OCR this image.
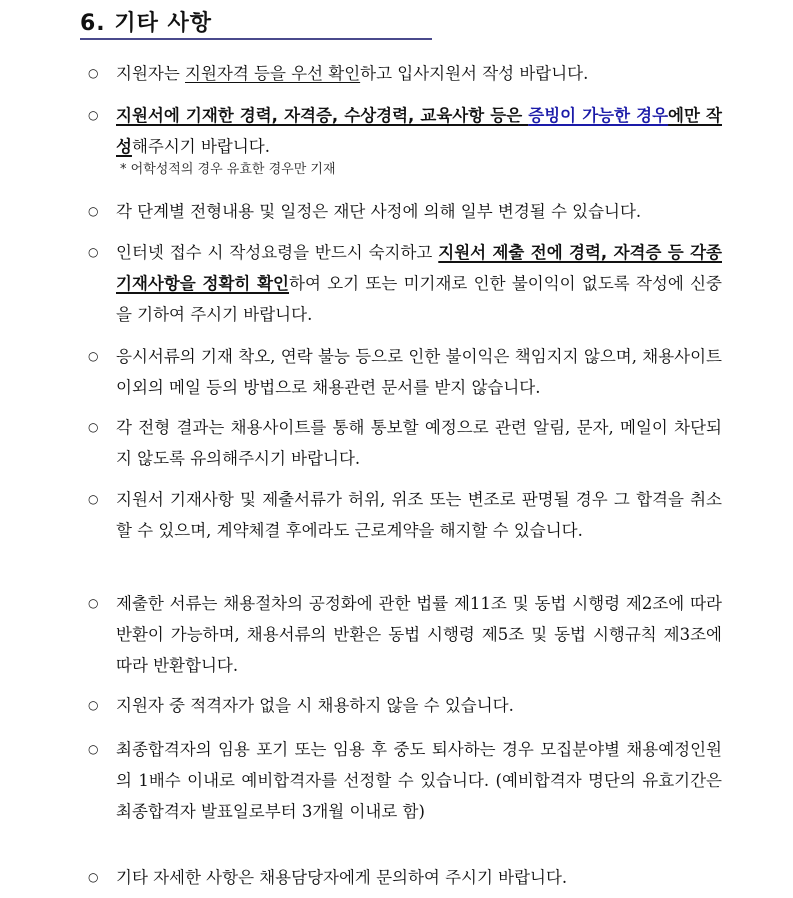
6. 기타 사항
○ 지원자는 지원자격 등을 우선 확인하고 입사지원서 작성 바랍니다.
○ 지원서에 기재한 경력, 자격증, 수상경력, 교육사항 등은 증빙이 가능한 경우에만 작성해주시기 바랍니다.
* 어학성적의 경우 유효한 경우만 기재
○ 각 단계별 전형내용 및 일정은 재단 사정에 의해 일부 변경될 수 있습니다.
○ 인터넷 접수 시 작성요령을 반드시 숙지하고 지원서 제출 전에 경력, 자격증 등 각종 기재사항을 정확히 확인하여 오기 또는 미기재로 인한 불이익이 없도록 작성에 신중을 기하여 주시기 바랍니다.
○ 응시서류의 기재 착오, 연락 불능 등으로 인한 불이익은 책임지지 않으며, 채용사이트 이외의 메일 등의 방법으로 채용관련 문서를 받지 않습니다.
○ 각 전형 결과는 채용사이트를 통해 통보할 예정으로 관련 알림, 문자, 메일이 차단되지 않도록 유의해주시기 바랍니다.
○ 지원서 기재사항 및 제출서류가 허위, 위조 또는 변조로 판명될 경우 그 합격을 취소할 수 있으며, 계약체결 후에라도 근로계약을 해지할 수 있습니다.
○ 제출한 서류는 채용절차의 공정화에 관한 법률 제11조 및 동법 시행령 제2조에 따라 반환이 가능하며, 채용서류의 반환은 동법 시행령 제5조 및 동법 시행규칙 제3조에 따라 반환합니다.
○ 지원자 중 적격자가 없을 시 채용하지 않을 수 있습니다.
○ 최종합격자의 임용 포기 또는 임용 후 중도 퇴사하는 경우 모집분야별 채용예정인원의 1배수 이내로 예비합격자를 선정할 수 있습니다. (예비합격자 명단의 유효기간은 최종합격자 발표일로부터 3개월 이내로 함)
○ 기타 자세한 사항은 채용담당자에게 문의하여 주시기 바랍니다.
